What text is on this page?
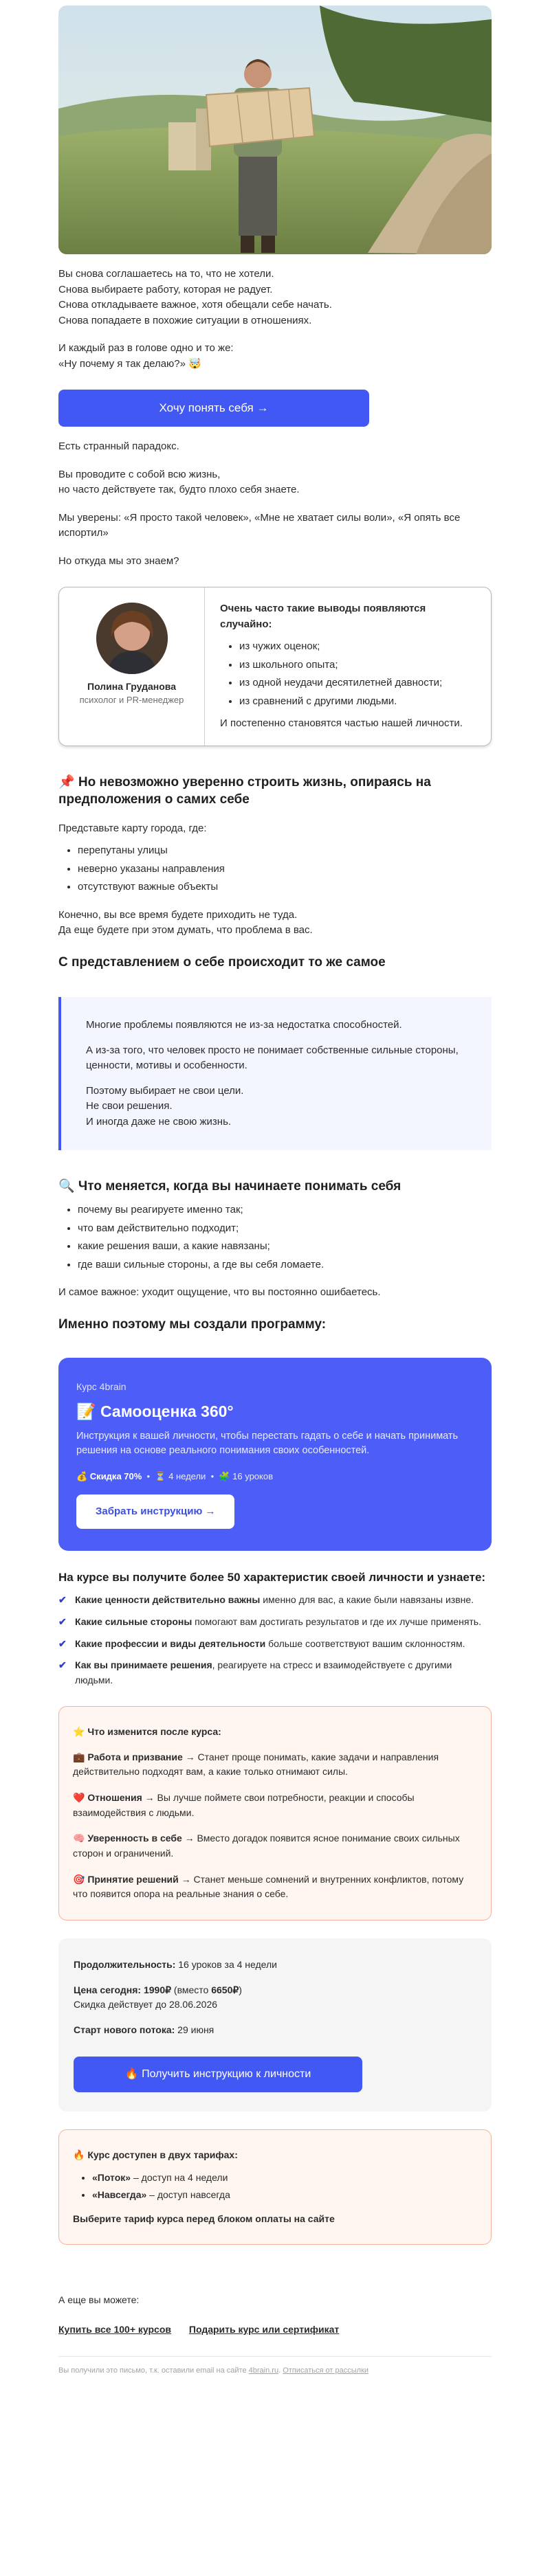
Вы снова соглашаетесь на то, что не хотели.

Снова выбираете работу, которая не радует.

Снова откладываете важное, хотя обещали себе начать.

Снова попадаете в похожие ситуации в отношениях.

И каждый раз в голове одно и то же:

«Ну почему я так делаю?» 🤯

Хочу понять себя →

Есть странный парадокс.

Вы проводите с собой всю жизнь,

но часто действуете так, будто плохо себя знаете.

Мы уверены: «Я просто такой человек», «Мне не хватает силы воли», «Я опять все испортил»

Но откуда мы это знаем?

Полина Груданова
психолог и PR-менеджер

Очень часто такие выводы появляются случайно:

• из чужих оценок;
• из школьного опыта;
• из одной неудачи десятилетней давности;
• из сравнений с другими людьми.

И постепенно становятся частью нашей личности.

📌 Но невозможно уверенно строить жизнь, опираясь на предположения о самих себе

Представьте карту города, где:

• перепутаны улицы
• неверно указаны направления
• отсутствуют важные объекты

Конечно, вы все время будете приходить не туда.

Да еще будете при этом думать, что проблема в вас.

С представлением о себе происходит то же самое

Многие проблемы появляются не из-за недостатка способностей.

А из-за того, что человек просто не понимает собственные сильные стороны, ценности, мотивы и особенности.

Поэтому выбирает не свои цели.

Не свои решения.

И иногда даже не свою жизнь.

🔍 Что меняется, когда вы начинаете понимать себя
• почему вы реагируете именно так;
• что вам действительно подходит;
• какие решения ваши, а какие навязаны;
• где ваши сильные стороны, а где вы себя ломаете.

И самое важное: уходит ощущение, что вы постоянно ошибаетесь.

Именно поэтому мы создали программу:
Курс 4brain
📝 Самооценка 360°
Инструкция к вашей личности, чтобы перестать гадать о себе и начать принимать решения на основе реального понимания своих особенностей.
💰 Скидка 70%  •  ⏳ 4 недели  •  🧩 16 уроков
Забрать инструкцию →
На курсе вы получите более 50 характеристик своей личности и узнаете:
✔ Какие ценности действительно важны именно для вас, а какие были навязаны извне.
✔ Какие сильные стороны помогают вам достигать результатов и где их лучше применять.
✔ Какие профессии и виды деятельности больше соответствуют вашим склонностям.
✔ Как вы принимаете решения, реагируете на стресс и взаимодействуете с другими людьми.

⭐ Что изменится после курса:

💼 Работа и призвание → Станет проще понимать, какие задачи и направления действительно подходят вам, а какие только отнимают силы.

❤️ Отношения → Вы лучше поймете свои потребности, реакции и способы взаимодействия с людьми.

🧠 Уверенность в себе → Вместо догадок появится ясное понимание своих сильных сторон и ограничений.

🎯 Принятие решений → Станет меньше сомнений и внутренних конфликтов, потому что появится опора на реальные знания о себе.

Продолжительность: 16 уроков за 4 недели

Цена сегодня: 1990₽ (вместо 6650₽)

Скидка действует до 28.06.2026

Старт нового потока: 29 июня

🔥 Получить инструкцию к личности

🔥 Курс доступен в двух тарифах:

• «Поток» – доступ на 4 недели
• «Навсегда» – доступ навсегда

Выберите тариф курса перед блоком оплаты на сайте

А еще вы можете:

Купить все 100+ курсов Подарить курс или сертификат
Вы получили это письмо, т.к. оставили email на сайте 4brain.ru. Отписаться от рассылки
